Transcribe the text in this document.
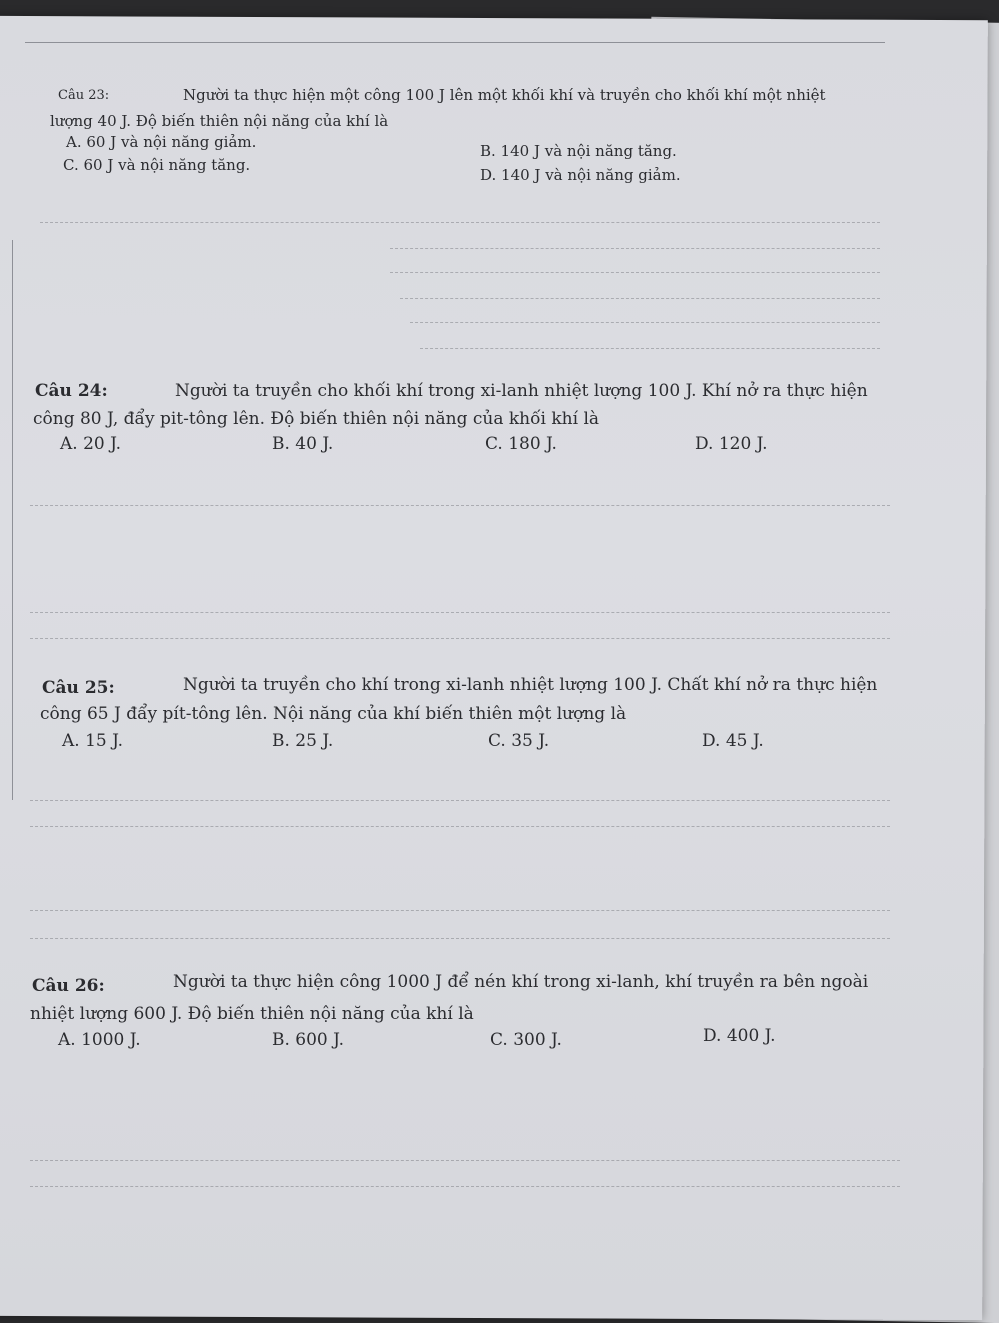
Câu 23:	Người ta thực hiện một công 100 J lên một khối khí và truyền cho khối khí một nhiệt
lượng 40 J. Độ biến thiên nội năng của khí là
A. 60 J và nội năng giảm.	B. 140 J và nội năng tăng.
C. 60 J và nội năng tăng.
D. 140 J và nội năng giảm.
Câu 24:	Người ta truyền cho khối khí trong xi-lanh nhiệt lượng 100 J. Khí nở ra thực hiện
công 80 J, đẩy pit-tông lên. Độ biến thiên nội năng của khối khí là
A. 20 J.	B. 40 J.	C. 180 J.	D. 120 J.
Câu 25:	Người ta truyền cho khí trong xi-lanh nhiệt lượng 100 J. Chất khí nở ra thực hiện
công 65 J đẩy pít-tông lên. Nội năng của khí biến thiên một lượng là
A. 15 J.	B. 25 J.	C. 35 J.	D. 45 J.
Câu 26:	Người ta thực hiện công 1000 J để nén khí trong xi-lanh, khí truyền ra bên ngoài
nhiệt lượng 600 J. Độ biến thiên nội năng của khí là
A. 1000 J.	B. 600 J.	C. 300 J.	D. 400 J.
